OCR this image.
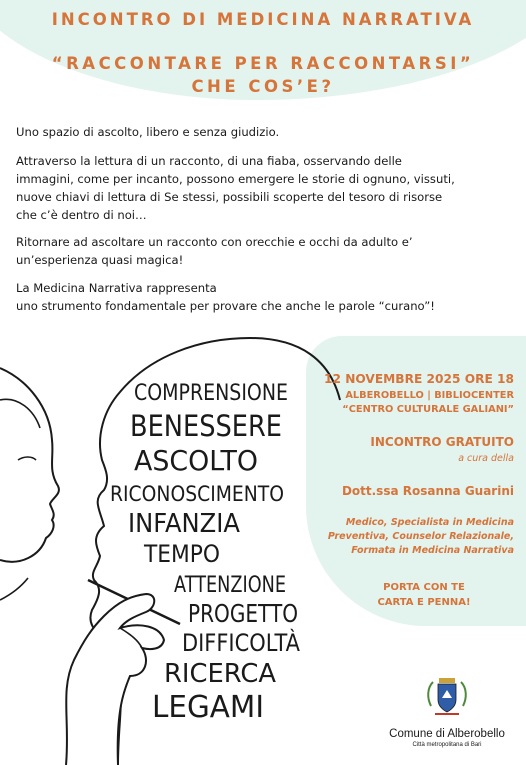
INCONTRO DI MEDICINA NARRATIVA
“RACCONTARE PER RACCONTARSI”
CHE COS’E?
Uno spazio di ascolto, libero e senza giudizio.
Attraverso la lettura di un racconto, di una fiaba, osservando delle
immagini, come per incanto, possono emergere le storie di ognuno, vissuti,
nuove chiavi di lettura di Se stessi, possibili scoperte del tesoro di risorse
che c’è dentro di noi…
Ritornare ad ascoltare un racconto con orecchie e occhi da adulto e’
un’esperienza quasi magica!
La Medicina Narrativa rappresenta
uno strumento fondamentale per provare che anche le parole “curano”!
COMPRENSIONE
BENESSERE
ASCOLTO
RICONOSCIMENTO
INFANZIA
TEMPO
ATTENZIONE
PROGETTO
DIFFICOLTÀ
RICERCA
LEGAMI
12 NOVEMBRE 2025 ORE 18
ALBEROBELLO | BIBLIOCENTER
“CENTRO CULTURALE GALIANI”
INCONTRO GRATUITO
a cura della
Dott.ssa Rosanna Guarini
Medico, Specialista in Medicina
Preventiva, Counselor Relazionale,
Formata in Medicina Narrativa
PORTA CON TE
CARTA E PENNA!
Comune di Alberobello
Città metropolitana di Bari
